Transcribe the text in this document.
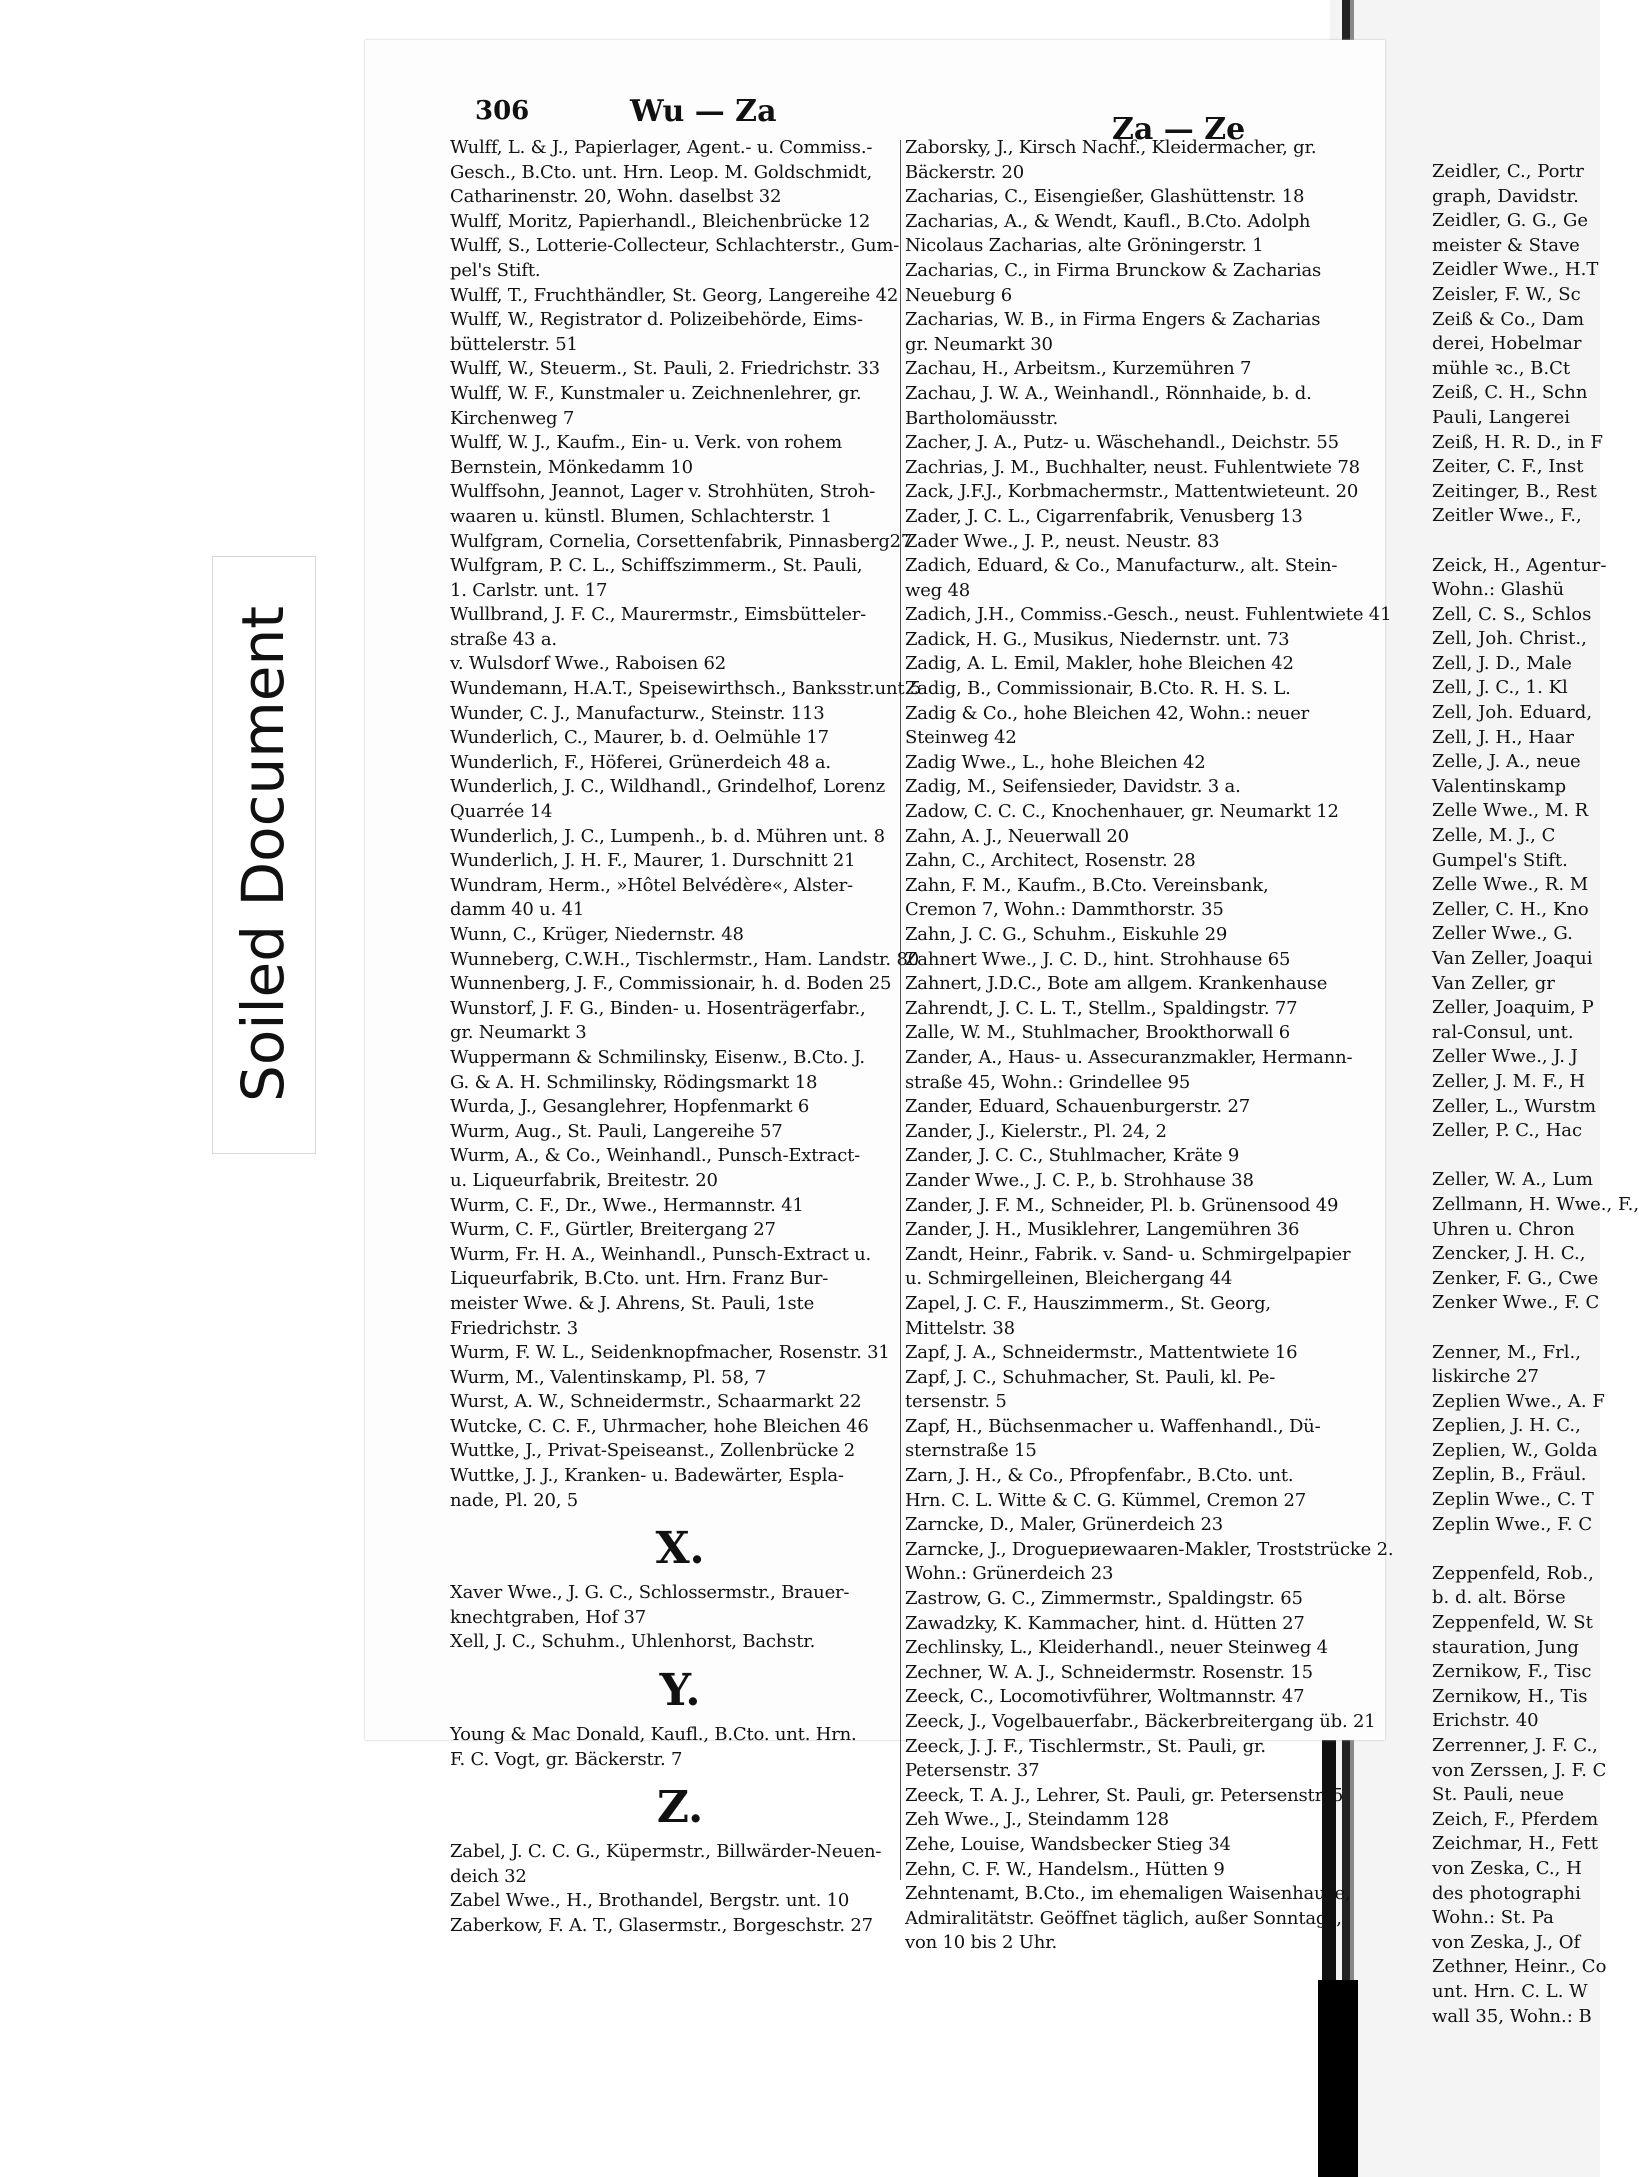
Soiled Document
306	Wu — Za
Za — Ze
Wulff, L. & J., Papierlager, Agent.- u. Commiss.-
Gesch., B.Cto. unt. Hrn. Leop. M. Goldschmidt,
Catharinenstr. 20, Wohn. daselbst 32
Wulff, Moritz, Papierhandl., Bleichenbrücke 12
Wulff, S., Lotterie-Collecteur, Schlachterstr., Gum-
pel's Stift.
Wulff, T., Fruchthändler, St. Georg, Langereihe 42
Wulff, W., Registrator d. Polizeibehörde, Eims-
büttelerstr. 51
Wulff, W., Steuerm., St. Pauli, 2. Friedrichstr. 33
Wulff, W. F., Kunstmaler u. Zeichnenlehrer, gr.
Kirchenweg 7
Wulff, W. J., Kaufm., Ein- u. Verk. von rohem
Bernstein, Mönkedamm 10
Wulffsohn, Jeannot, Lager v. Strohhüten, Stroh-
waaren u. künstl. Blumen, Schlachterstr. 1
Wulfgram, Cornelia, Corsettenfabrik, Pinnasberg27
Wulfgram, P. C. L., Schiffszimmerm., St. Pauli,
1. Carlstr. unt. 17
Wullbrand, J. F. C., Maurermstr., Eimsbütteler-
straße 43 a.
v. Wulsdorf Wwe., Raboisen 62
Wundemann, H.A.T., Speisewirthsch., Banksstr.unt.5
Wunder, C. J., Manufacturw., Steinstr. 113
Wunderlich, C., Maurer, b. d. Oelmühle 17
Wunderlich, F., Höferei, Grünerdeich 48 a.
Wunderlich, J. C., Wildhandl., Grindelhof, Lorenz
Quarrée 14
Wunderlich, J. C., Lumpenh., b. d. Mühren unt. 8
Wunderlich, J. H. F., Maurer, 1. Durschnitt 21
Wundram, Herm., »Hôtel Belvédère«, Alster-
damm 40 u. 41
Wunn, C., Krüger, Niedernstr. 48
Wunneberg, C.W.H., Tischlermstr., Ham. Landstr. 80
Wunnenberg, J. F., Commissionair, h. d. Boden 25
Wunstorf, J. F. G., Binden- u. Hosenträgerfabr.,
gr. Neumarkt 3
Wuppermann & Schmilinsky, Eisenw., B.Cto. J.
G. & A. H. Schmilinsky, Rödingsmarkt 18
Wurda, J., Gesanglehrer, Hopfenmarkt 6
Wurm, Aug., St. Pauli, Langereihe 57
Wurm, A., & Co., Weinhandl., Punsch-Extract-
u. Liqueurfabrik, Breitestr. 20
Wurm, C. F., Dr., Wwe., Hermannstr. 41
Wurm, C. F., Gürtler, Breitergang 27
Wurm, Fr. H. A., Weinhandl., Punsch-Extract u.
Liqueurfabrik, B.Cto. unt. Hrn. Franz Bur-
meister Wwe. & J. Ahrens, St. Pauli, 1ste
Friedrichstr. 3
Wurm, F. W. L., Seidenknopfmacher, Rosenstr. 31
Wurm, M., Valentinskamp, Pl. 58, 7
Wurst, A. W., Schneidermstr., Schaarmarkt 22
Wutcke, C. C. F., Uhrmacher, hohe Bleichen 46
Wuttke, J., Privat-Speiseanst., Zollenbrücke 2
Wuttke, J. J., Kranken- u. Badewärter, Esplа-
nade, Pl. 20, 5
X.
Xaver Wwe., J. G. C., Schlossermstr., Brauer-
knechtgraben, Hof 37
Xell, J. C., Schuhm., Uhlenhorst, Bachstr.
Y.
Young & Mac Donald, Kaufl., B.Cto. unt. Hrn.
F. C. Vogt, gr. Bäckerstr. 7
Z.
Zabel, J. C. C. G., Küpermstr., Billwärder-Neuen-
deich 32
Zabel Wwe., H., Brothandel, Bergstr. unt. 10
Zaberkow, F. A. T., Glasermstr., Borgeschstr. 27
Zaborsky, J., Kirsch Nachf., Kleidermacher, gr.
Bäckerstr. 20
Zacharias, C., Eisengießer, Glashüttenstr. 18
Zacharias, A., & Wendt, Kaufl., B.Cto. Adolph
Nicolaus Zacharias, alte Gröningerstr. 1
Zacharias, C., in Firma Brunckow & Zacharias
Neueburg 6
Zacharias, W. B., in Firma Engers & Zacharias
gr. Neumarkt 30
Zachau, H., Arbeitsm., Kurzemühren 7
Zachau, J. W. A., Weinhandl., Rönnhaide, b. d.
Bartholomäusstr.
Zacher, J. A., Putz- u. Wäschehandl., Deichstr. 55
Zachrias, J. M., Buchhalter, neust. Fuhlentwiete 78
Zack, J.F.J., Korbmachermstr., Mattentwieteunt. 20
Zader, J. C. L., Cigarrenfabrik, Venusberg 13
Zader Wwe., J. P., neust. Neustr. 83
Zadich, Eduard, & Co., Manufacturw., alt. Stein-
weg 48
Zadich, J.H., Commiss.-Gesch., neust. Fuhlentwiete 41
Zadick, H. G., Musikus, Niedernstr. unt. 73
Zadig, A. L. Emil, Makler, hohe Bleichen 42
Zadig, B., Commissionair, B.Cto. R. H. S. L.
Zadig & Co., hohe Bleichen 42, Wohn.: neuer
Steinweg 42
Zadig Wwe., L., hohe Bleichen 42
Zadig, M., Seifensieder, Davidstr. 3 a.
Zadow, C. C. C., Knochenhauer, gr. Neumarkt 12
Zahn, A. J., Neuerwall 20
Zahn, C., Architect, Rosenstr. 28
Zahn, F. M., Kaufm., B.Cto. Vereinsbank,
Cremon 7, Wohn.: Dammthorstr. 35
Zahn, J. C. G., Schuhm., Eiskuhle 29
Zahnert Wwe., J. C. D., hint. Strohhause 65
Zahnert, J.D.C., Bote am allgem. Krankenhause
Zahrendt, J. C. L. T., Stellm., Spaldingstr. 77
Zalle, W. M., Stuhlmacher, Brookthorwall 6
Zander, A., Haus- u. Assecuranzmakler, Hermann-
straße 45, Wohn.: Grindellee 95
Zander, Eduard, Schauenburgerstr. 27
Zander, J., Kielerstr., Pl. 24, 2
Zander, J. C. C., Stuhlmacher, Kräte 9
Zander Wwe., J. C. P., b. Strohhause 38
Zander, J. F. M., Schneider, Pl. b. Grünensood 49
Zander, J. H., Musiklehrer, Langemühren 36
Zandt, Heinr., Fabrik. v. Sand- u. Schmirgelpapier
u. Schmirgelleinen, Bleichergang 44
Zapel, J. C. F., Hauszimmerm., St. Georg,
Mittelstr. 38
Zapf, J. A., Schneidermstr., Mattentwiete 16
Zapf, J. C., Schuhmacher, St. Pauli, kl. Pe-
tersenstr. 5
Zapf, H., Büchsenmacher u. Waffenhandl., Dü-
sternstraße 15
Zarn, J. H., & Co., Pfropfenfabr., B.Cto. unt.
Hrn. C. L. Witte & C. G. Kümmel, Cremon 27
Zarncke, D., Maler, Grünerdeich 23
Zarncke, J., Droguериewaaren-Makler, Troststrücke 2.
Wohn.: Grünerdeich 23
Zastrow, G. C., Zimmermstr., Spaldingstr. 65
Zawadzky, K. Kammacher, hint. d. Hütten 27
Zechlinsky, L., Kleiderhandl., neuer Steinweg 4
Zechner, W. A. J., Schneidermstr. Rosenstr. 15
Zeeck, C., Locomotivführer, Woltmannstr. 47
Zeeck, J., Vogelbauerfabr., Bäckerbreitergang üb. 21
Zeeck, J. J. F., Tischlermstr., St. Pauli, gr.
Petersenstr. 37
Zeeck, T. A. J., Lehrer, St. Pauli, gr. Petersenstr. 5
Zeh Wwe., J., Steindamm 128
Zehe, Louise, Wandsbecker Stieg 34
Zehn, C. F. W., Handelsm., Hütten 9
Zehntenamt, B.Cto., im ehemaligen Waisenhause,
Admiralitätstr. Geöffnet täglich, außer Sonntags,
von 10 bis 2 Uhr.
Zeidler, C., Portr
graph, Davidstr.
Zeidler, G. G., Ge
meister & Stave
Zeidler Wwe., H.T
Zeisler, F. W., Sc
Zeiß & Co., Dam
derei, Hobelmar
mühle ꝛc., B.Ct
Zeiß, C. H., Schn
Pauli, Langerei
Zeiß, H. R. D., in F
Zeiter, C. F., Inst
Zeitinger, B., Rest
Zeitler Wwe., F.,

Zeick, H., Agentur-
Wohn.: Glashü
Zell, C. S., Schlos
Zell, Joh. Christ.,
Zell, J. D., Male
Zell, J. C., 1. Kl
Zell, Joh. Eduard,
Zell, J. H., Haar
Zelle, J. A., neue
Valentinskamp
Zelle Wwe., M. R
Zelle, M. J., C
Gumpel's Stift.
Zelle Wwe., R. M
Zeller, C. H., Kno
Zeller Wwe., G.
Van Zeller, Joaqui
Van Zeller, gr
Zeller, Joaquim, P
ral-Consul, unt.
Zeller Wwe., J. J
Zeller, J. M. F., H
Zeller, L., Wurstm
Zeller, P. C., Hac

Zeller, W. A., Lum
Zellmann, H. Wwe., F.,
Uhren u. Chron
Zencker, J. H. C.,
Zenker, F. G., Cwe
Zenker Wwe., F. C

Zenner, M., Frl.,
liskirche 27
Zeplien Wwe., A. F
Zeplien, J. H. C.,
Zeplien, W., Golda
Zeplin, B., Fräul.
Zeplin Wwe., C. T
Zeplin Wwe., F. C

Zeppenfeld, Rob.,
b. d. alt. Börse
Zeppenfeld, W. St
stauration, Jung
Zernikow, F., Tisc
Zernikow, H., Tis
Erichstr. 40
Zerrenner, J. F. C.,
von Zerssen, J. F. C
St. Pauli, neue
Zeich, F., Pferdem
Zeichmar, H., Fett
von Zeska, C., H
des photographi
Wohn.: St. Pa
von Zeska, J., Of
Zethner, Heinr., Co
unt. Hrn. C. L. W
wall 35, Wohn.: B
